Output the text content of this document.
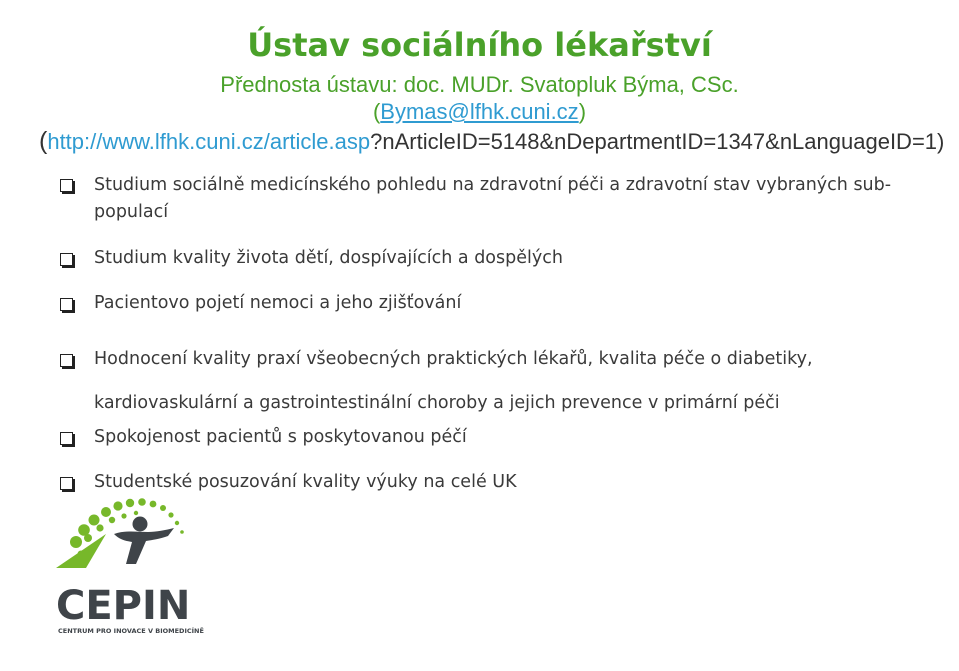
Ústav sociálního lékařství
Přednosta ústavu: doc. MUDr. Svatopluk Býma, CSc.
(Bymas@lfhk.cuni.cz)
(http://www.lfhk.cuni.cz/article.asp?nArticleID=5148&nDepartmentID=1347&nLanguageID=1)
Studium sociálně medicínského pohledu na zdravotní péči a zdravotní stav vybraných sub-populací
Studium kvality života dětí, dospívajících a dospělých
Pacientovo pojetí nemoci a jeho zjišťování
Hodnocení kvality praxí všeobecných praktických lékařů, kvalita péče o diabetiky, kardiovaskulární a gastrointestinální choroby a jejich prevence v primární péči
Spokojenost pacientů s poskytovanou péčí
Studentské posuzování kvality výuky na celé UK
CEPIN
CENTRUM PRO INOVACE V BIOMEDICÍNĚ
